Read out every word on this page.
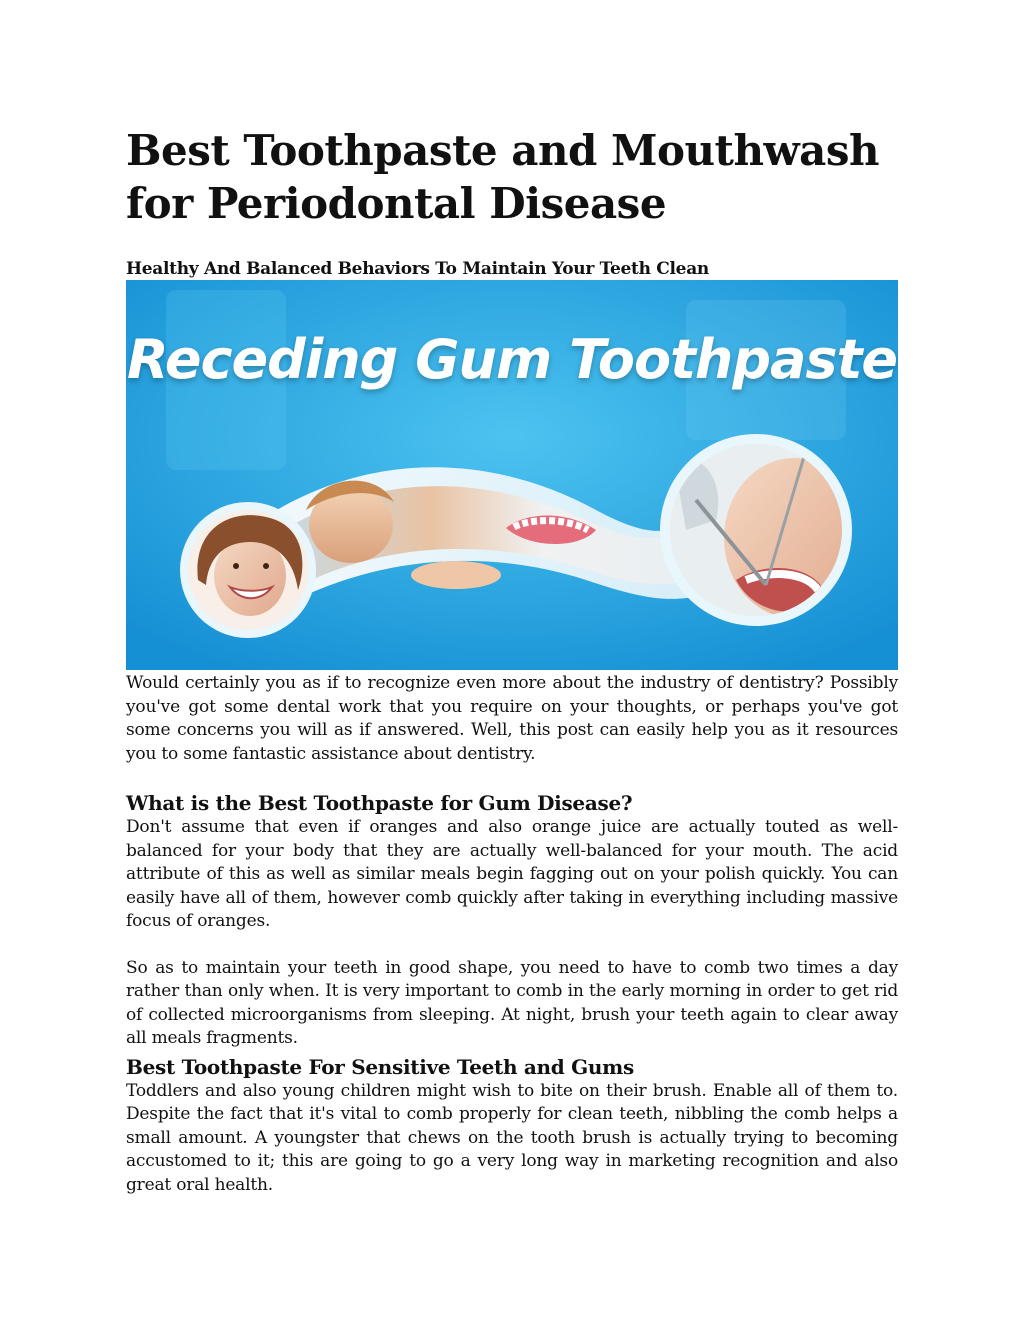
Best Toothpaste and Mouthwash for Periodontal Disease
Healthy And Balanced Behaviors To Maintain Your Teeth Clean
Receding Gum Toothpaste

Would certainly you as if to recognize even more about the industry of dentistry? Possibly you've got some dental work that you require on your thoughts, or perhaps you've got some concerns you will as if answered. Well, this post can easily help you as it resources you to some fantastic assistance about dentistry.

What is the Best Toothpaste for Gum Disease?

Don't assume that even if oranges and also orange juice are actually touted as well-balanced for your body that they are actually well-balanced for your mouth. The acid attribute of this as well as similar meals begin fagging out on your polish quickly. You can easily have all of them, however comb quickly after taking in everything including massive focus of oranges.

So as to maintain your teeth in good shape, you need to have to comb two times a day rather than only when. It is very important to comb in the early morning in order to get rid of collected microorganisms from sleeping. At night, brush your teeth again to clear away all meals fragments.

Best Toothpaste For Sensitive Teeth and Gums

Toddlers and also young children might wish to bite on their brush. Enable all of them to. Despite the fact that it's vital to comb properly for clean teeth, nibbling the comb helps a small amount. A youngster that chews on the tooth brush is actually trying to becoming accustomed to it; this are going to go a very long way in marketing recognition and also great oral health.
